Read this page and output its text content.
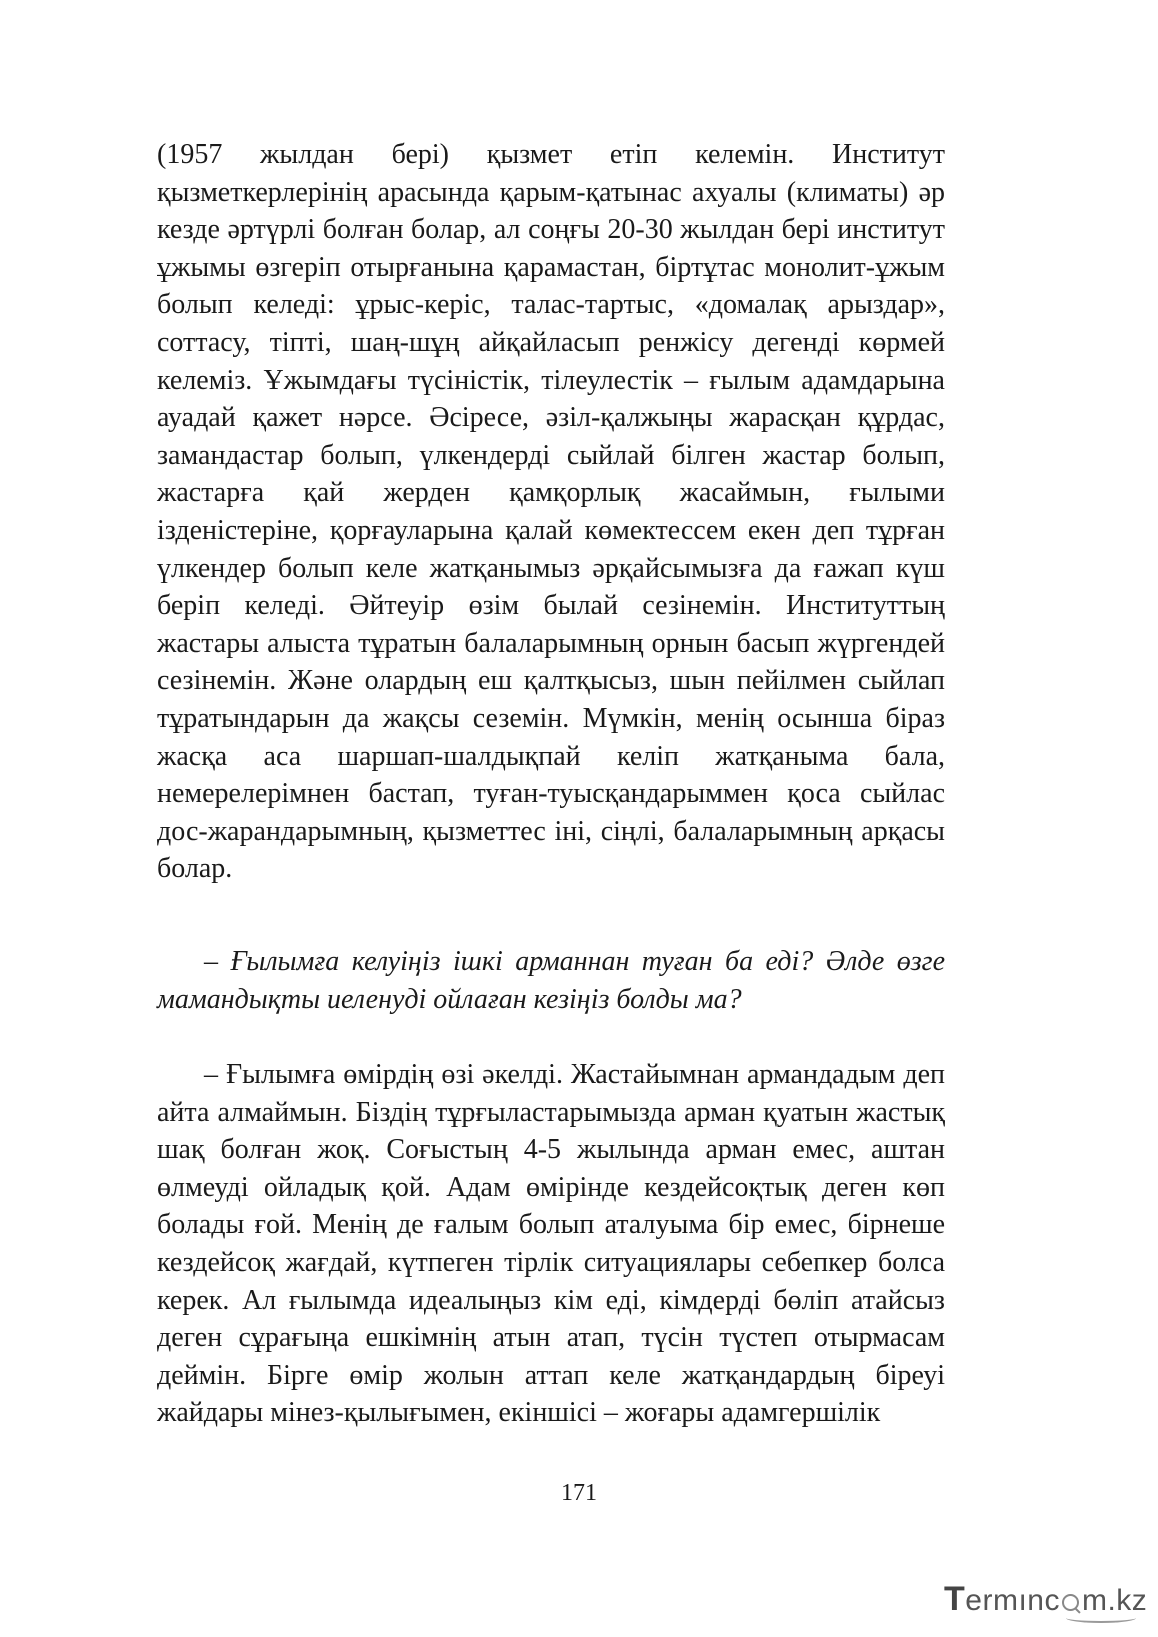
(1957 жылдан бері) қызмет етіп келемін. Институт қызметкерлерінің арасында қарым-қатынас ахуалы (климаты) әр кезде әртүрлі болған болар, ал соңғы 20-30 жылдан бері институт ұжымы өзгеріп отырғанына қарамастан, біртұтас монолит-ұжым болып келеді: ұрыс-керіс, талас-тартыс, «домалақ арыздар», соттасу, тіпті, шаң-шұң айқайласып ренжісу дегенді көрмей келеміз. Ұжымдағы түсіністік, тілеулестік – ғылым адамдарына ауадай қажет нәрсе. Әсіресе, әзіл-қалжыңы жарасқан құрдас, замандастар болып, үлкендерді сыйлай білген жастар болып, жастарға қай жерден қамқорлық жасаймын, ғылыми ізденістеріне, қорғауларына қалай көмектессем екен деп тұрған үлкендер болып келе жатқанымыз әрқайсымызға да ғажап күш беріп келеді. Әйтеуір өзім былай сезінемін. Институттың жастары алыста тұратын балаларымның орнын басып жүргендей сезінемін. Және олардың еш қалтқысыз, шын пейілмен сыйлап тұратындарын да жақсы сеземін. Мүмкін, менің осынша біраз жасқа аса шаршап-шалдықпай келіп жатқаныма бала, немерелерімнен бастап, туған-туысқандарыммен қоса сыйлас дос-жарандарымның, қызметтес іні, сіңлі, балаларымның арқасы болар.

– Ғылымға келуіңіз ішкі арманнан туған ба еді? Әлде өзге мамандықты иеленуді ойлаған кезіңіз болды ма?

– Ғылымға өмірдің өзі әкелді. Жастайымнан армандадым деп айта алмаймын. Біздің тұрғыластарымызда арман қуатын жастық шақ болған жоқ. Соғыстың 4-5 жылында арман емес, аштан өлмеуді ойладық қой. Адам өмірінде кездейсоқтық деген көп болады ғой. Менің де ғалым болып аталуыма бір емес, бірнеше кездейсоқ жағдай, күтпеген тірлік ситуациялары себепкер болса керек. Ал ғылымда идеалыңыз кім еді, кімдерді бөліп атайсыз деген сұрағыңа ешкімнің атын атап, түсін түстеп отырмасам деймін. Бірге өмір жолын аттап келе жатқандардың біреуі жайдары мінез-қылығымен, екіншісі – жоғары адамгершілік

171
Termınc m.kz
